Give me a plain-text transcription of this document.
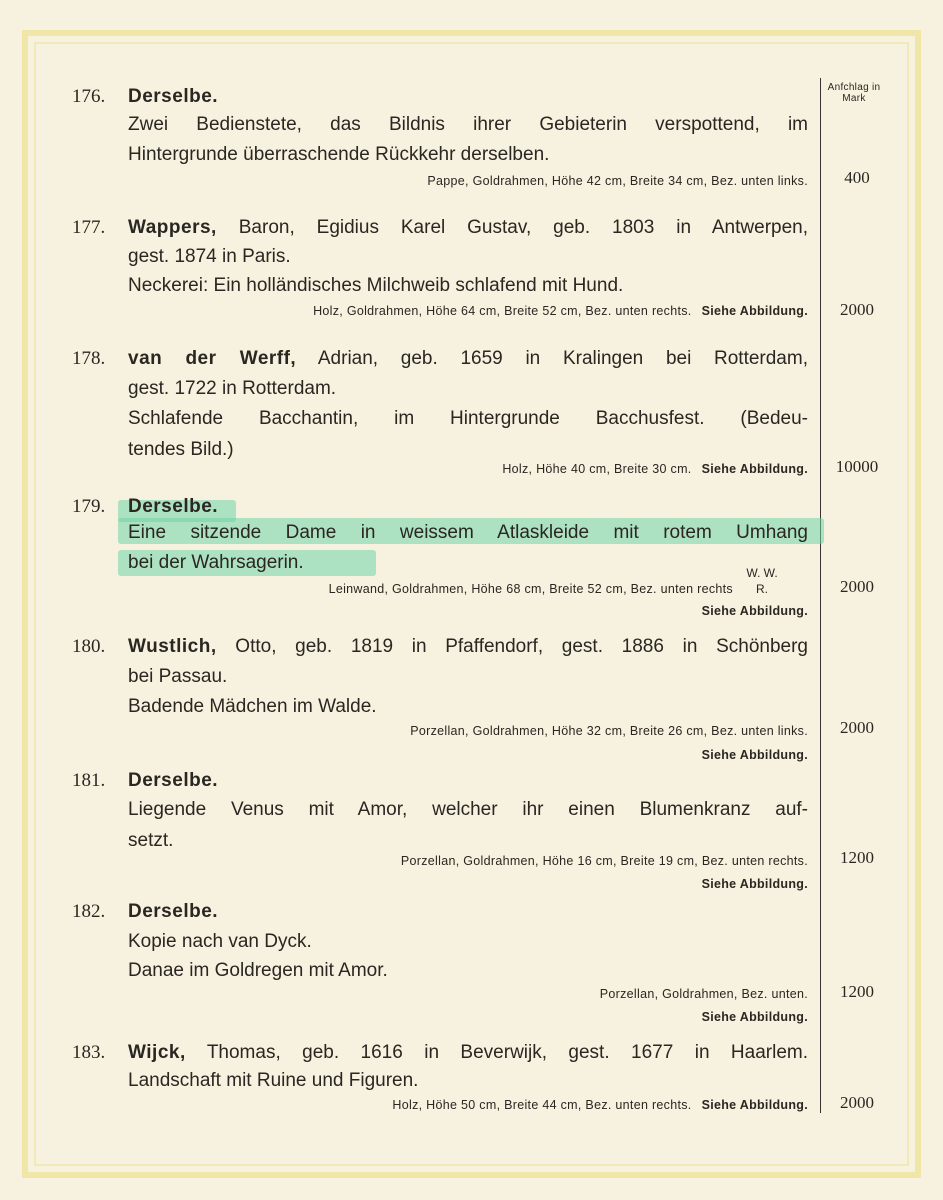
Anfchlag in Mark
176.	Derselbe.
Zwei Bedienstete, das Bildnis ihrer Gebieterin verspottend, im
Hintergrunde überraschende Rückkehr derselben.
Pappe, Goldrahmen, Höhe 42 cm, Breite 34 cm, Bez. unten links.	400
177.	Wappers, Baron, Egidius Karel Gustav, geb. 1803 in Antwerpen,
gest. 1874 in Paris.
Neckerei: Ein holländisches Milchweib schlafend mit Hund.
Holz, Goldrahmen, Höhe 64 cm, Breite 52 cm, Bez. unten rechts. Siehe Abbildung.	2000
178.	van der Werff, Adrian, geb. 1659 in Kralingen bei Rotterdam,
gest. 1722 in Rotterdam.
Schlafende Bacchantin, im Hintergrunde Bacchusfest. (Bedeu-
tendes Bild.)
Holz, Höhe 40 cm, Breite 30 cm. Siehe Abbildung.	10000
179.	Derselbe.
Eine sitzende Dame in weissem Atlaskleide mit rotem Umhang
bei der Wahrsagerin.	W. W.
R.
Leinwand, Goldrahmen, Höhe 68 cm, Breite 52 cm, Bez. unten rechts
Siehe Abbildung.
2000
180.	Wustlich, Otto, geb. 1819 in Pfaffendorf, gest. 1886 in Schönberg
bei Passau.
Badende Mädchen im Walde.
Porzellan, Goldrahmen, Höhe 32 cm, Breite 26 cm, Bez. unten links.
Siehe Abbildung.
2000
181.	Derselbe.
Liegende Venus mit Amor, welcher ihr einen Blumenkranz auf-
setzt.
Porzellan, Goldrahmen, Höhe 16 cm, Breite 19 cm, Bez. unten rechts.
Siehe Abbildung.
1200
182.	Derselbe.
Kopie nach van Dyck.
Danae im Goldregen mit Amor.
Porzellan, Goldrahmen, Bez. unten.
Siehe Abbildung.
1200
183.	Wijck, Thomas, geb. 1616 in Beverwijk, gest. 1677 in Haarlem.
Landschaft mit Ruine und Figuren.
Holz, Höhe 50 cm, Breite 44 cm, Bez. unten rechts. Siehe Abbildung.	2000
